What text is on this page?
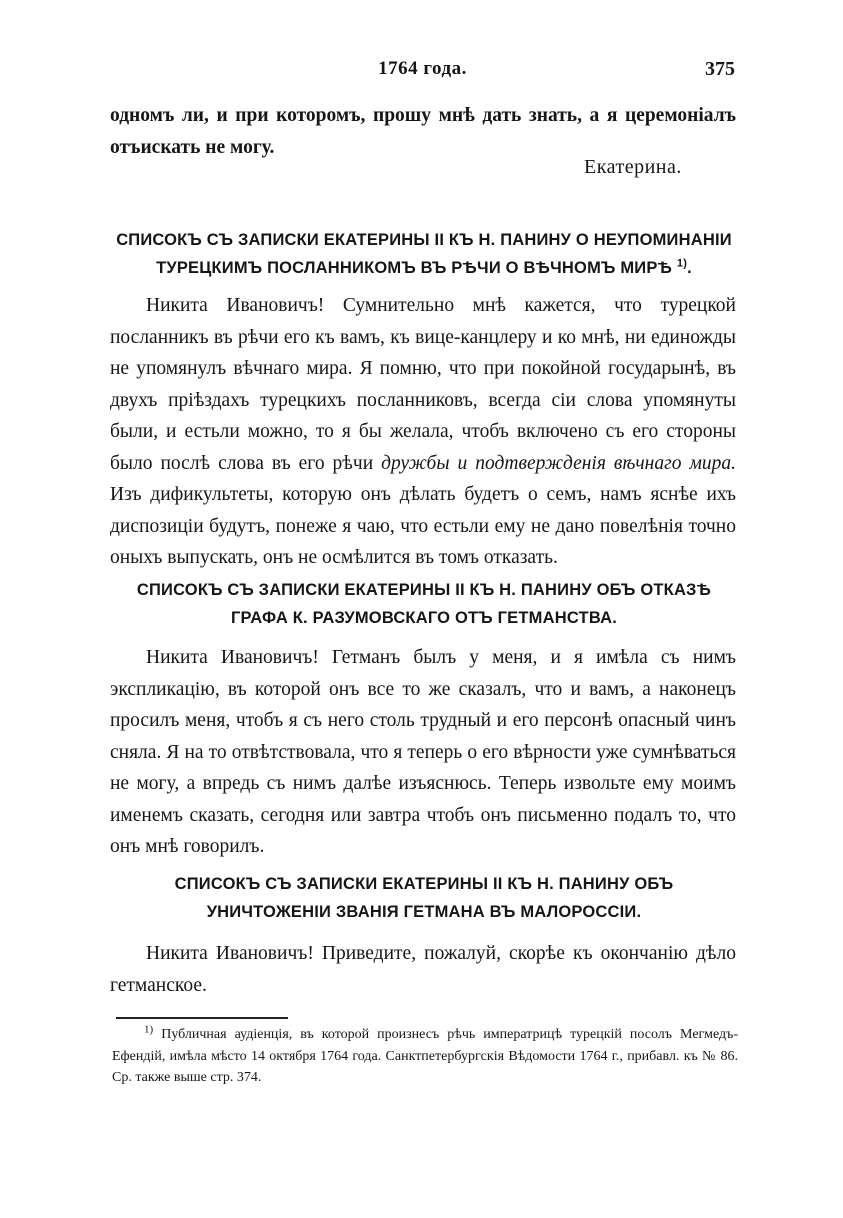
1764 года.	375
одномъ ли, и при которомъ, прошу мнѣ дать знать, а я церемоніалъ отъискать не могу.
Екатерина.
СПИСОКЪ СЪ ЗАПИСКИ ЕКАТЕРИНЫ II КЪ Н. ПАНИНУ О НЕУПОМИНАНІИ ТУРЕЦКИМЪ ПОСЛАННИКОМЪ ВЪ РѢЧИ О ВѢЧНОМЪ МИРѢ $^{1)}$.
Никита Ивановичъ! Сумнительно мнѣ кажется, что турецкой посланникъ въ рѣчи его къ вамъ, къ вице-канцлеру и ко мнѣ, ни единожды не упомянулъ вѣчнаго мира. Я помню, что при покойной государынѣ, въ двухъ пріѣздахъ турецкихъ посланниковъ, всегда сіи слова упомянуты были, и естьли можно, то я бы желала, чтобъ включено съ его стороны было послѣ слова въ его рѣчи дружбы и подтвержденія вѣчнаго мира. Изъ дификультеты, которую онъ дѣлать будетъ о семъ, намъ яснѣе ихъ диспозиціи будутъ, понеже я чаю, что естьли ему не дано повелѣнія точно оныхъ выпускать, онъ не осмѣлится въ томъ отказать.
СПИСОКЪ СЪ ЗАПИСКИ ЕКАТЕРИНЫ II КЪ Н. ПАНИНУ ОБЪ ОТКАЗѢ ГРАФА К. РАЗУМОВСКАГО ОТЪ ГЕТМАНСТВА.
Никита Ивановичъ! Гетманъ былъ у меня, и я имѣла съ нимъ экспликацію, въ которой онъ все то же сказалъ, что и вамъ, а наконецъ просилъ меня, чтобъ я съ него столь трудный и его персонѣ опасный чинъ сняла. Я на то отвѣтствовала, что я теперь о его вѣрности уже сумнѣваться не могу, а впредь съ нимъ далѣе изъяснюсь. Теперь извольте ему моимъ именемъ сказать, сегодня или завтра чтобъ онъ письменно подалъ то, что онъ мнѣ говорилъ.
СПИСОКЪ СЪ ЗАПИСКИ ЕКАТЕРИНЫ II КЪ Н. ПАНИНУ ОБЪ УНИЧТОЖЕНІИ ЗВАНІЯ ГЕТМАНА ВЪ МАЛОРОССІИ.
Никита Ивановичъ! Приведите, пожалуй, скорѣе къ окончанію дѣло гетманское.
$^{1)}$ Публичная аудіенція, въ которой произнесъ рѣчь императрицѣ турецкій посолъ Мегмедъ-Ефендій, имѣла мѣсто 14 октября 1764 года. Санктпетербургскія Вѣдомости 1764 г., прибавл. къ № 86. Ср. также выше стр. 374.
